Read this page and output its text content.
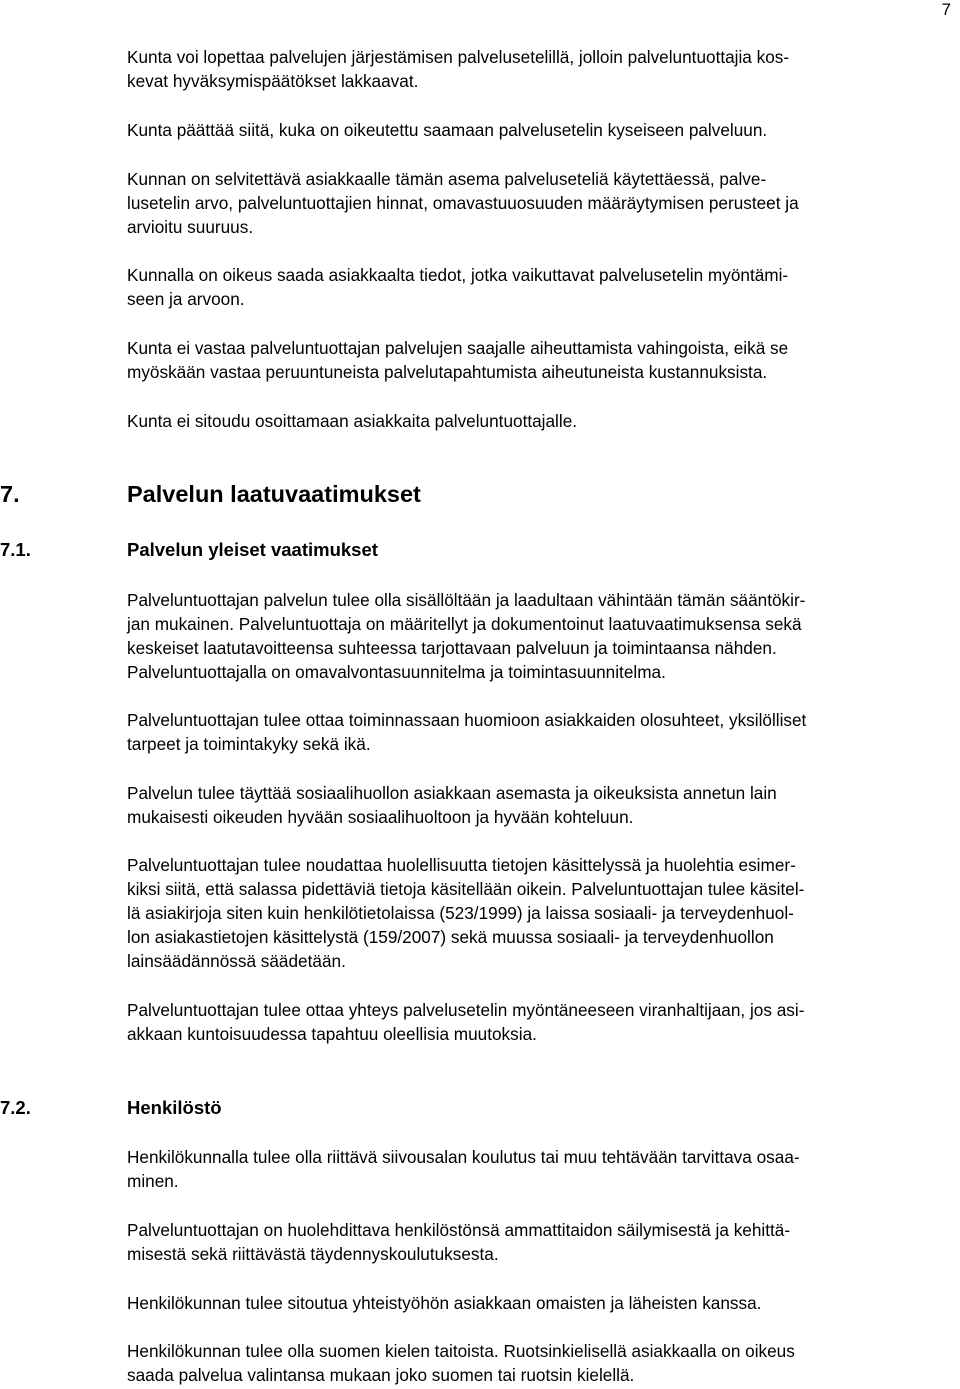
7

Kunta voi lopettaa palvelujen järjestämisen palvelusetelillä, jolloin palveluntuottajia kos-

kevat hyväksymispäätökset lakkaavat.

Kunta päättää siitä, kuka on oikeutettu saamaan palvelusetelin kyseiseen palveluun.

Kunnan on selvitettävä asiakkaalle tämän asema palveluseteliä käytettäessä, palve-

lusetelin arvo, palveluntuottajien hinnat, omavastuuosuuden määräytymisen perusteet ja

arvioitu suuruus.

Kunnalla on oikeus saada asiakkaalta tiedot, jotka vaikuttavat palvelusetelin myöntämi-

seen ja arvoon.

Kunta ei vastaa palveluntuottajan palvelujen saajalle aiheuttamista vahingoista, eikä se

myöskään vastaa peruuntuneista palvelutapahtumista aiheutuneista kustannuksista.

Kunta ei sitoudu osoittamaan asiakkaita palveluntuottajalle.

7.	Palvelun laatuvaatimukset
7.1.	Palvelun yleiset vaatimukset

Palveluntuottajan palvelun tulee olla sisällöltään ja laadultaan vähintään tämän sääntökir-

jan mukainen. Palveluntuottaja on määritellyt ja dokumentoinut laatuvaatimuksensa sekä

keskeiset laatutavoitteensa suhteessa tarjottavaan palveluun ja toimintaansa nähden.

Palveluntuottajalla on omavalvontasuunnitelma ja toimintasuunnitelma.

Palveluntuottajan tulee ottaa toiminnassaan huomioon asiakkaiden olosuhteet, yksilölliset

tarpeet ja toimintakyky sekä ikä.

Palvelun tulee täyttää sosiaalihuollon asiakkaan asemasta ja oikeuksista annetun lain

mukaisesti oikeuden hyvään sosiaalihuoltoon ja hyvään kohteluun.

Palveluntuottajan tulee noudattaa huolellisuutta tietojen käsittelyssä ja huolehtia esimer-

kiksi siitä, että salassa pidettäviä tietoja käsitellään oikein. Palveluntuottajan tulee käsitel-

lä asiakirjoja siten kuin henkilötietolaissa (523/1999) ja laissa sosiaali- ja terveydenhuol-

lon asiakastietojen käsittelystä (159/2007) sekä muussa sosiaali- ja terveydenhuollon

lainsäädännössä säädetään.

Palveluntuottajan tulee ottaa yhteys palvelusetelin myöntäneeseen viranhaltijaan, jos asi-

akkaan kuntoisuudessa tapahtuu oleellisia muutoksia.

7.2.	Henkilöstö

Henkilökunnalla tulee olla riittävä siivousalan koulutus tai muu tehtävään tarvittava osaa-

minen.

Palveluntuottajan on huolehdittava henkilöstönsä ammattitaidon säilymisestä ja kehittä-

misestä sekä riittävästä täydennyskoulutuksesta.

Henkilökunnan tulee sitoutua yhteistyöhön asiakkaan omaisten ja läheisten kanssa.

Henkilökunnan tulee olla suomen kielen taitoista. Ruotsinkielisellä asiakkaalla on oikeus

saada palvelua valintansa mukaan joko suomen tai ruotsin kielellä.
